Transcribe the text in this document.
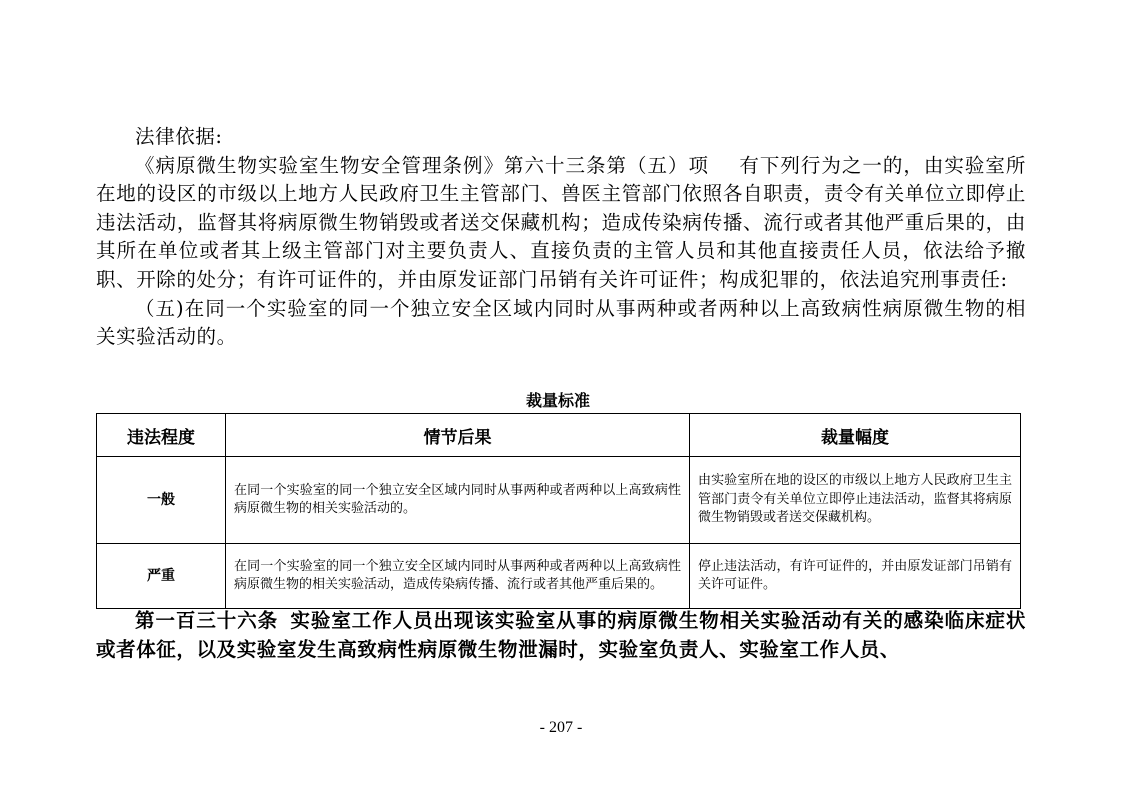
法律依据:

《病原微生物实验室生物安全管理条例》第六十三条第（五）项 有下列行为之一的，由实验室所在地的设区的市级以上地方人民政府卫生主管部门、兽医主管部门依照各自职责，责令有关单位立即停止违法活动，监督其将病原微生物销毁或者送交保藏机构；造成传染病传播、流行或者其他严重后果的，由其所在单位或者其上级主管部门对主要负责人、直接负责的主管人员和其他直接责任人员，依法给予撤职、开除的处分；有许可证件的，并由原发证部门吊销有关许可证件；构成犯罪的，依法追究刑事责任:

（五)在同一个实验室的同一个独立安全区域内同时从事两种或者两种以上高致病性病原微生物的相关实验活动的。

裁量标准
违法程度	情节后果	裁量幅度
一般	在同一个实验室的同一个独立安全区域内同时从事两种或者两种以上高致病性病原微生物的相关实验活动的。	由实验室所在地的设区的市级以上地方人民政府卫生主管部门责令有关单位立即停止违法活动，监督其将病原微生物销毁或者送交保藏机构。
严重	在同一个实验室的同一个独立安全区域内同时从事两种或者两种以上高致病性病原微生物的相关实验活动，造成传染病传播、流行或者其他严重后果的。	停止违法活动，有许可证件的，并由原发证部门吊销有关许可证件。

第一百三十六条 实验室工作人员出现该实验室从事的病原微生物相关实验活动有关的感染临床症状或者体征，以及实验室发生高致病性病原微生物泄漏时，实验室负责人、实验室工作人员、

- 207 -
